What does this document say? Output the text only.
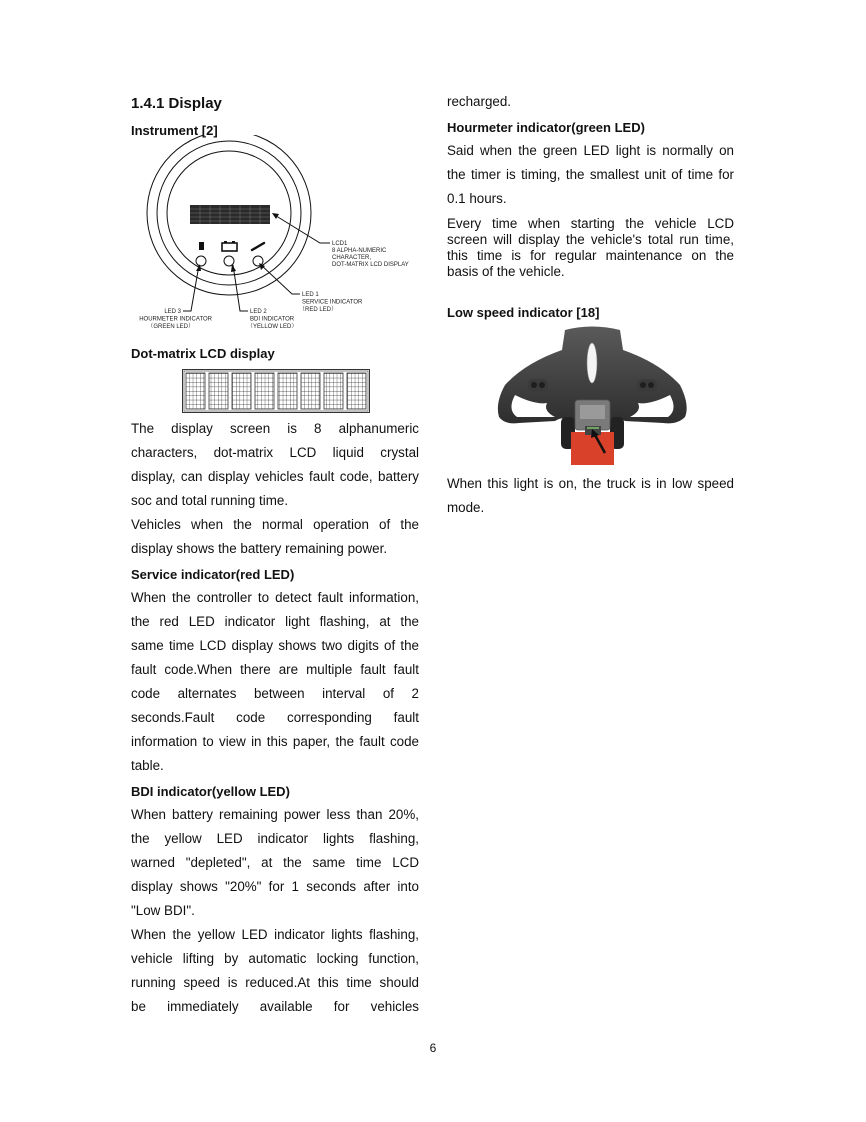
1.4.1 Display
Instrument [2]
LCD1 8 ALPHA-NUMERIC CHARACTER, DOT-MATRIX LCD DISPLAY
LED 1 SERVICE INDICATOR （RED LED）
LED 2 BDI INDICATOR （YELLOW LED）
LED 3 HOURMETER INDICATOR （GREEN LED）
Dot-matrix LCD display
The display screen is 8 alphanumeric
characters, dot-matrix LCD liquid crystal
display, can display vehicles fault code, battery
soc and total running time.
Vehicles when the normal operation of the
display shows the battery remaining power.
Service indicator(red LED)
When the controller to detect fault information,
the red LED indicator light flashing, at the
same time LCD display shows two digits of the
fault code.When there are multiple fault fault
code alternates between interval of 2
seconds.Fault code corresponding fault
information to view in this paper, the fault code
table.
BDI indicator(yellow LED)
When battery remaining power less than 20%,
the yellow LED indicator lights flashing,
warned "depleted", at the same time LCD
display shows "20%" for 1 seconds after into
"Low BDI".
When the yellow LED indicator lights flashing,
vehicle lifting by automatic locking function,
running speed is reduced.At this time should
be immediately available for vehicles
recharged.
Hourmeter indicator(green LED)
Said when the green LED light is normally on
the timer is timing, the smallest unit of time for
0.1 hours.
Every time when starting the vehicle LCD
screen will display the vehicle's total run time,
this time is for regular maintenance on the
basis of the vehicle.
Low speed indicator [18]
When this light is on, the truck is in low speed
mode.
6
